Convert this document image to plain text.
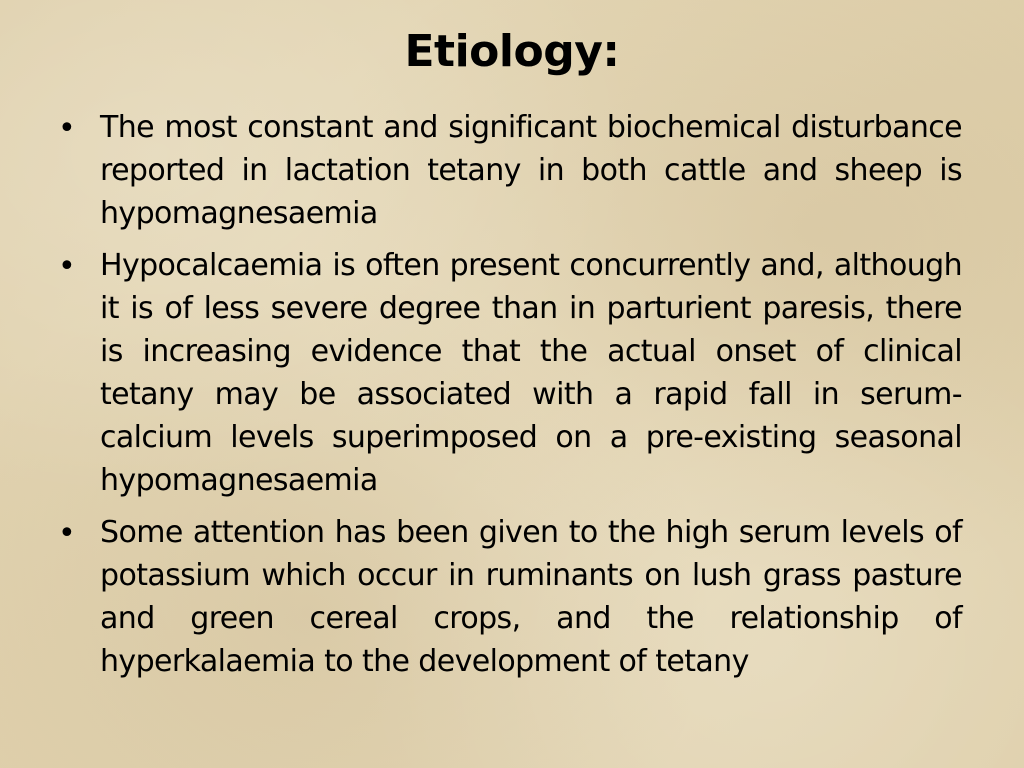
Etiology:
• The most constant and significant biochemical disturbance reported in lactation tetany in both cattle and sheep is hypomagnesaemia
• Hypocalcaemia is often present concurrently and, although it is of less severe degree than in parturient paresis, there is increasing evidence that the actual onset of clinical tetany may be associated with a rapid fall in serum-calcium levels superimposed on a pre-existing seasonal hypomagnesaemia
• Some attention has been given to the high serum levels of potassium which occur in ruminants on lush grass pasture and green cereal crops, and the relationship of hyperkalaemia to the development of tetany
